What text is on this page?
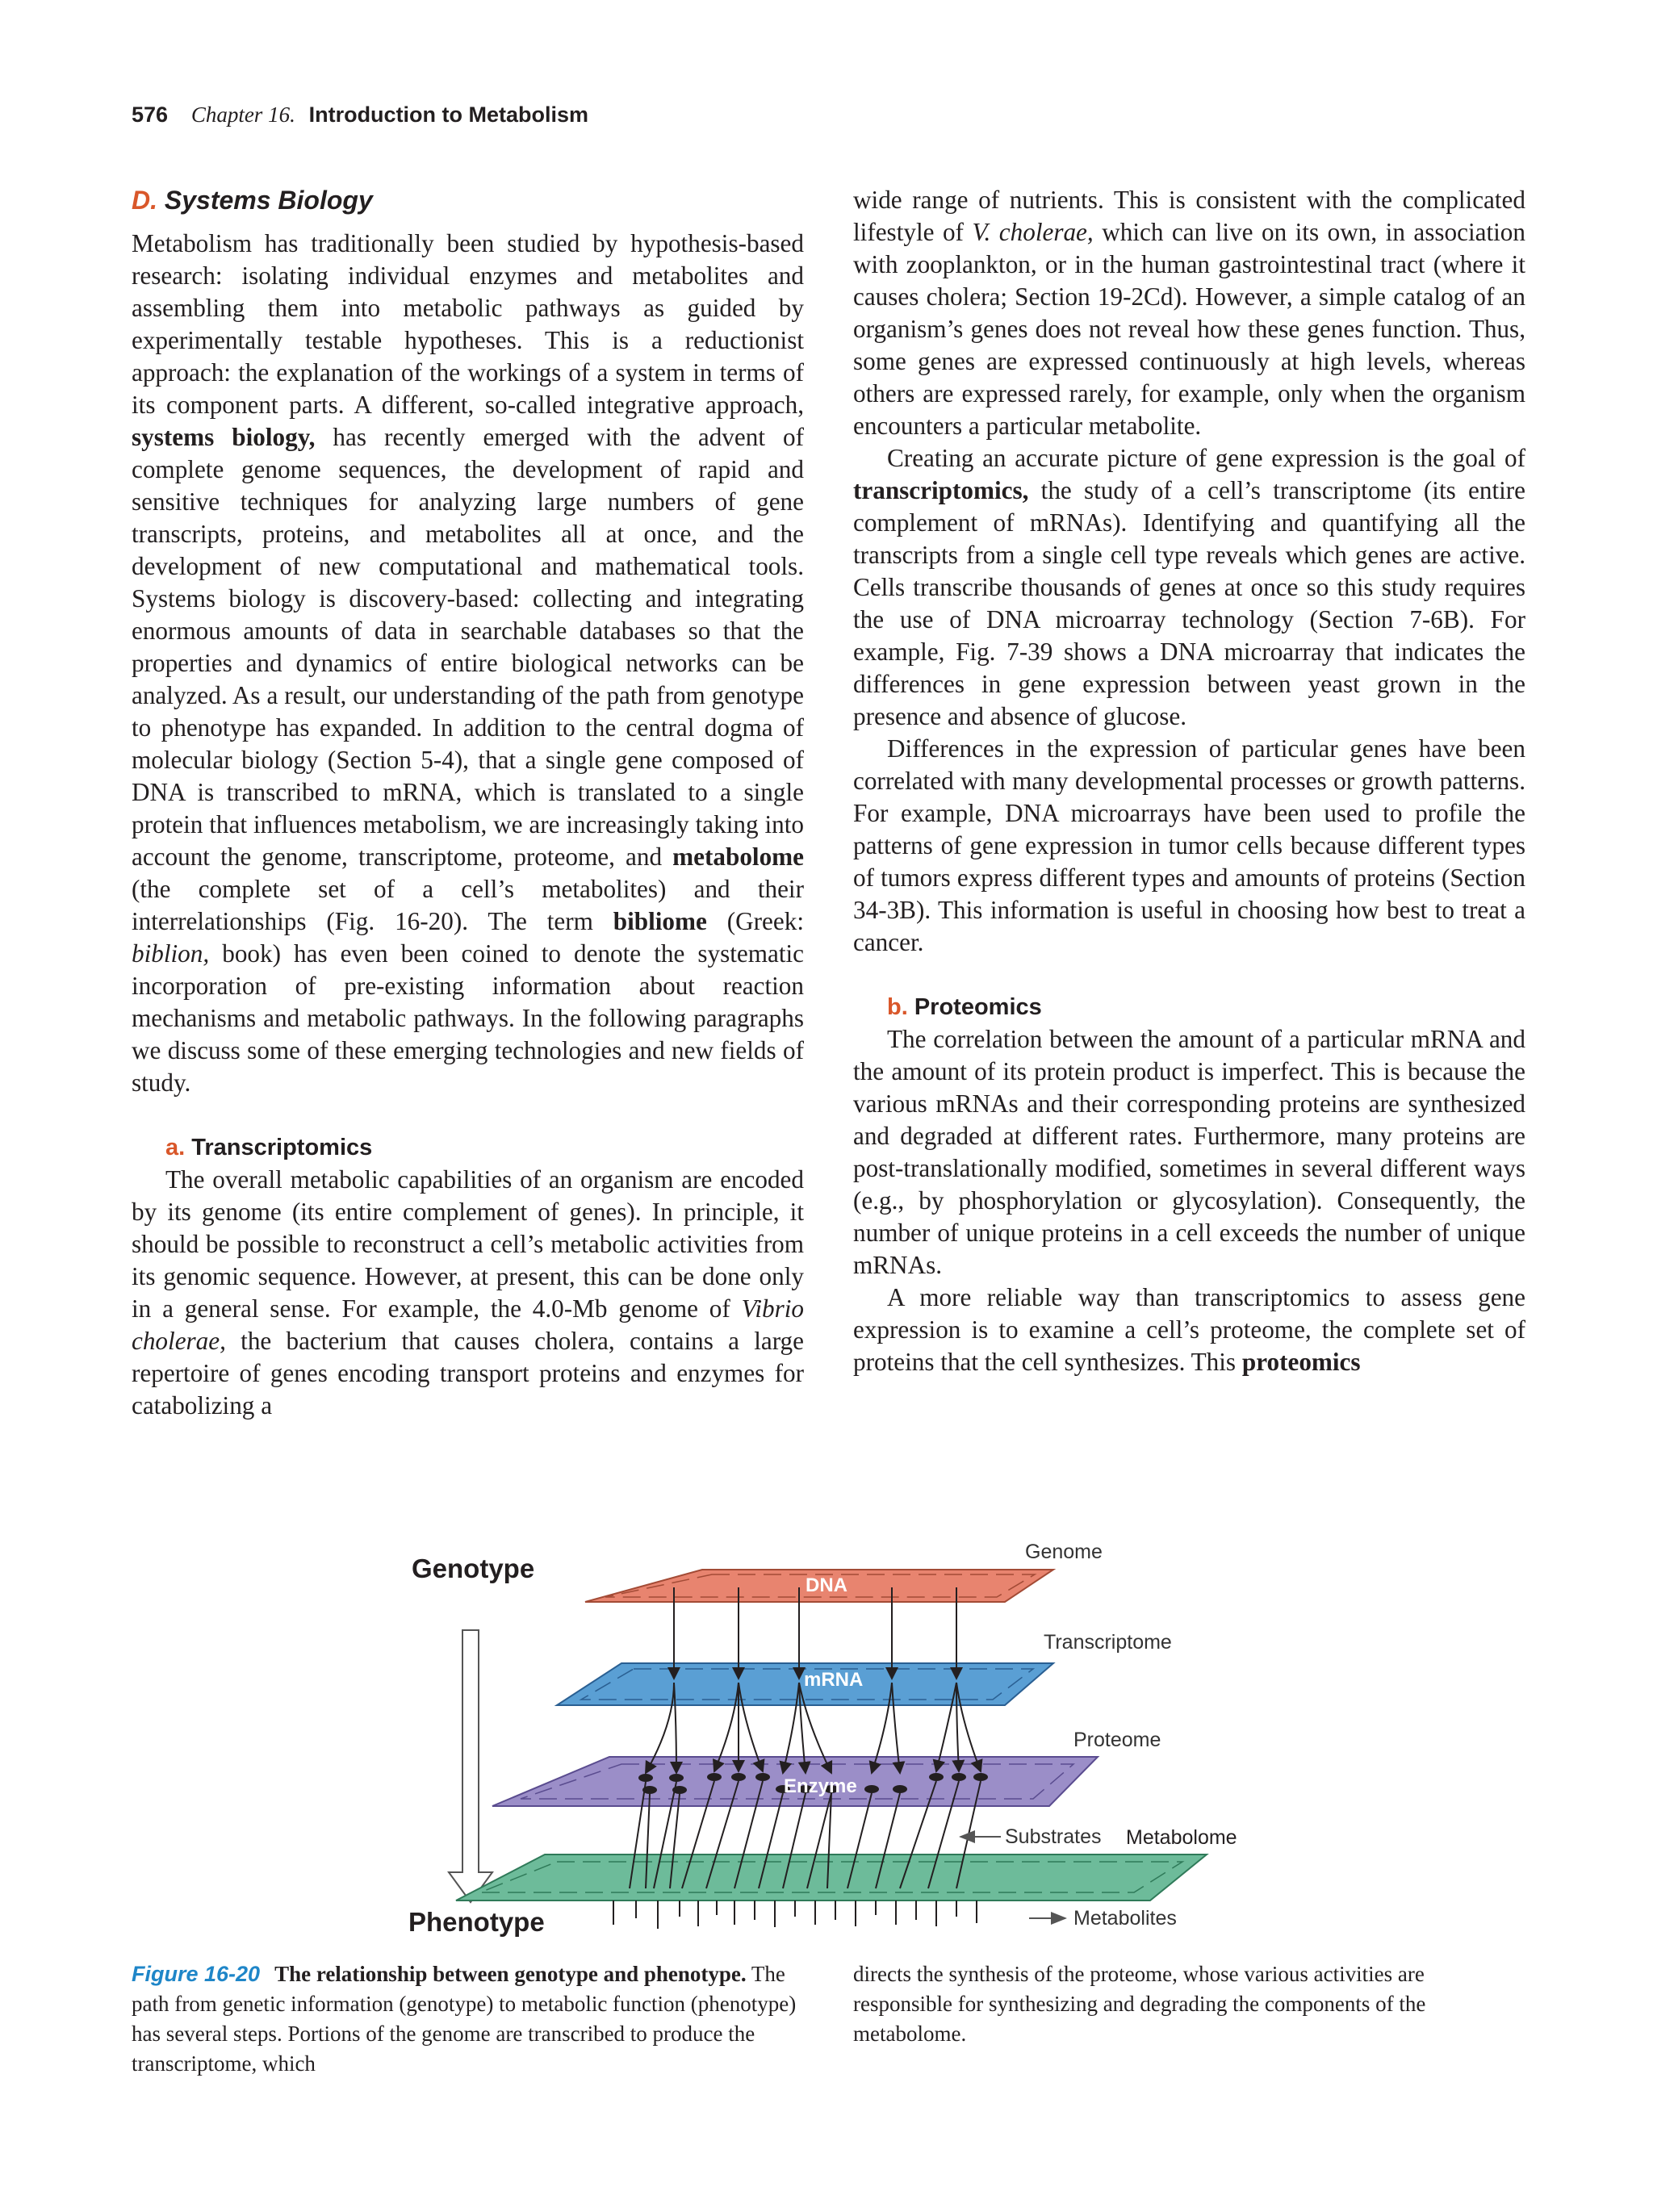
576 Chapter 16. Introduction to Metabolism
D. Systems Biology

Metabolism has traditionally been studied by hypothesis-based research: isolating individual enzymes and metabolites and assembling them into metabolic pathways as guided by experimentally testable hypotheses. This is a reductionist approach: the explanation of the workings of a system in terms of its component parts. A different, so-called integrative approach, systems biology, has recently emerged with the advent of complete genome sequences, the development of rapid and sensitive techniques for analyzing large numbers of gene transcripts, proteins, and metabolites all at once, and the development of new computational and mathematical tools. Systems biology is discovery-based: collecting and integrating enormous amounts of data in searchable databases so that the properties and dynamics of entire biological networks can be analyzed. As a result, our understanding of the path from genotype to phenotype has expanded. In addition to the central dogma of molecular biology (Section 5-4), that a single gene composed of DNA is transcribed to mRNA, which is translated to a single protein that influences metabolism, we are increasingly taking into account the genome, transcriptome, proteome, and metabolome (the complete set of a cell’s metabolites) and their interrelationships (Fig. 16-20). The term bibliome (Greek: biblion, book) has even been coined to denote the systematic incorporation of pre-existing information about reaction mechanisms and metabolic pathways. In the following paragraphs we discuss some of these emerging technologies and new fields of study.

a. Transcriptomics

The overall metabolic capabilities of an organism are encoded by its genome (its entire complement of genes). In principle, it should be possible to reconstruct a cell’s metabolic activities from its genomic sequence. However, at present, this can be done only in a general sense. For example, the 4.0-Mb genome of Vibrio cholerae, the bacterium that causes cholera, contains a large repertoire of genes encoding transport proteins and enzymes for catabolizing a

wide range of nutrients. This is consistent with the complicated lifestyle of V. cholerae, which can live on its own, in association with zooplankton, or in the human gastrointestinal tract (where it causes cholera; Section 19-2Cd). However, a simple catalog of an organism’s genes does not reveal how these genes function. Thus, some genes are expressed continuously at high levels, whereas others are expressed rarely, for example, only when the organism encounters a particular metabolite.

Creating an accurate picture of gene expression is the goal of transcriptomics, the study of a cell’s transcriptome (its entire complement of mRNAs). Identifying and quantifying all the transcripts from a single cell type reveals which genes are active. Cells transcribe thousands of genes at once so this study requires the use of DNA microarray technology (Section 7-6B). For example, Fig. 7-39 shows a DNA microarray that indicates the differences in gene expression between yeast grown in the presence and absence of glucose.

Differences in the expression of particular genes have been correlated with many developmental processes or growth patterns. For example, DNA microarrays have been used to profile the patterns of gene expression in tumor cells because different types of tumors express different types and amounts of proteins (Section 34-3B). This information is useful in choosing how best to treat a cancer.

b. Proteomics

The correlation between the amount of a particular mRNA and the amount of its protein product is imperfect. This is because the various mRNAs and their corresponding proteins are synthesized and degraded at different rates. Furthermore, many proteins are post-translationally modified, sometimes in several different ways (e.g., by phosphorylation or glycosylation). Consequently, the number of unique proteins in a cell exceeds the number of unique mRNAs.

A more reliable way than transcriptomics to assess gene expression is to examine a cell’s proteome, the complete set of proteins that the cell synthesizes. This proteomics

Genotype
Phenotype
Genome
Transcriptome
Proteome
Substrates Metabolome
Metabolites
DNA
mRNA
Enzyme
Figure 16-20 The relationship between genotype and phenotype. The path from genetic information (genotype) to metabolic function (phenotype) has several steps. Portions of the genome are transcribed to produce the transcriptome, which
directs the synthesis of the proteome, whose various activities are responsible for synthesizing and degrading the components of the metabolome.
